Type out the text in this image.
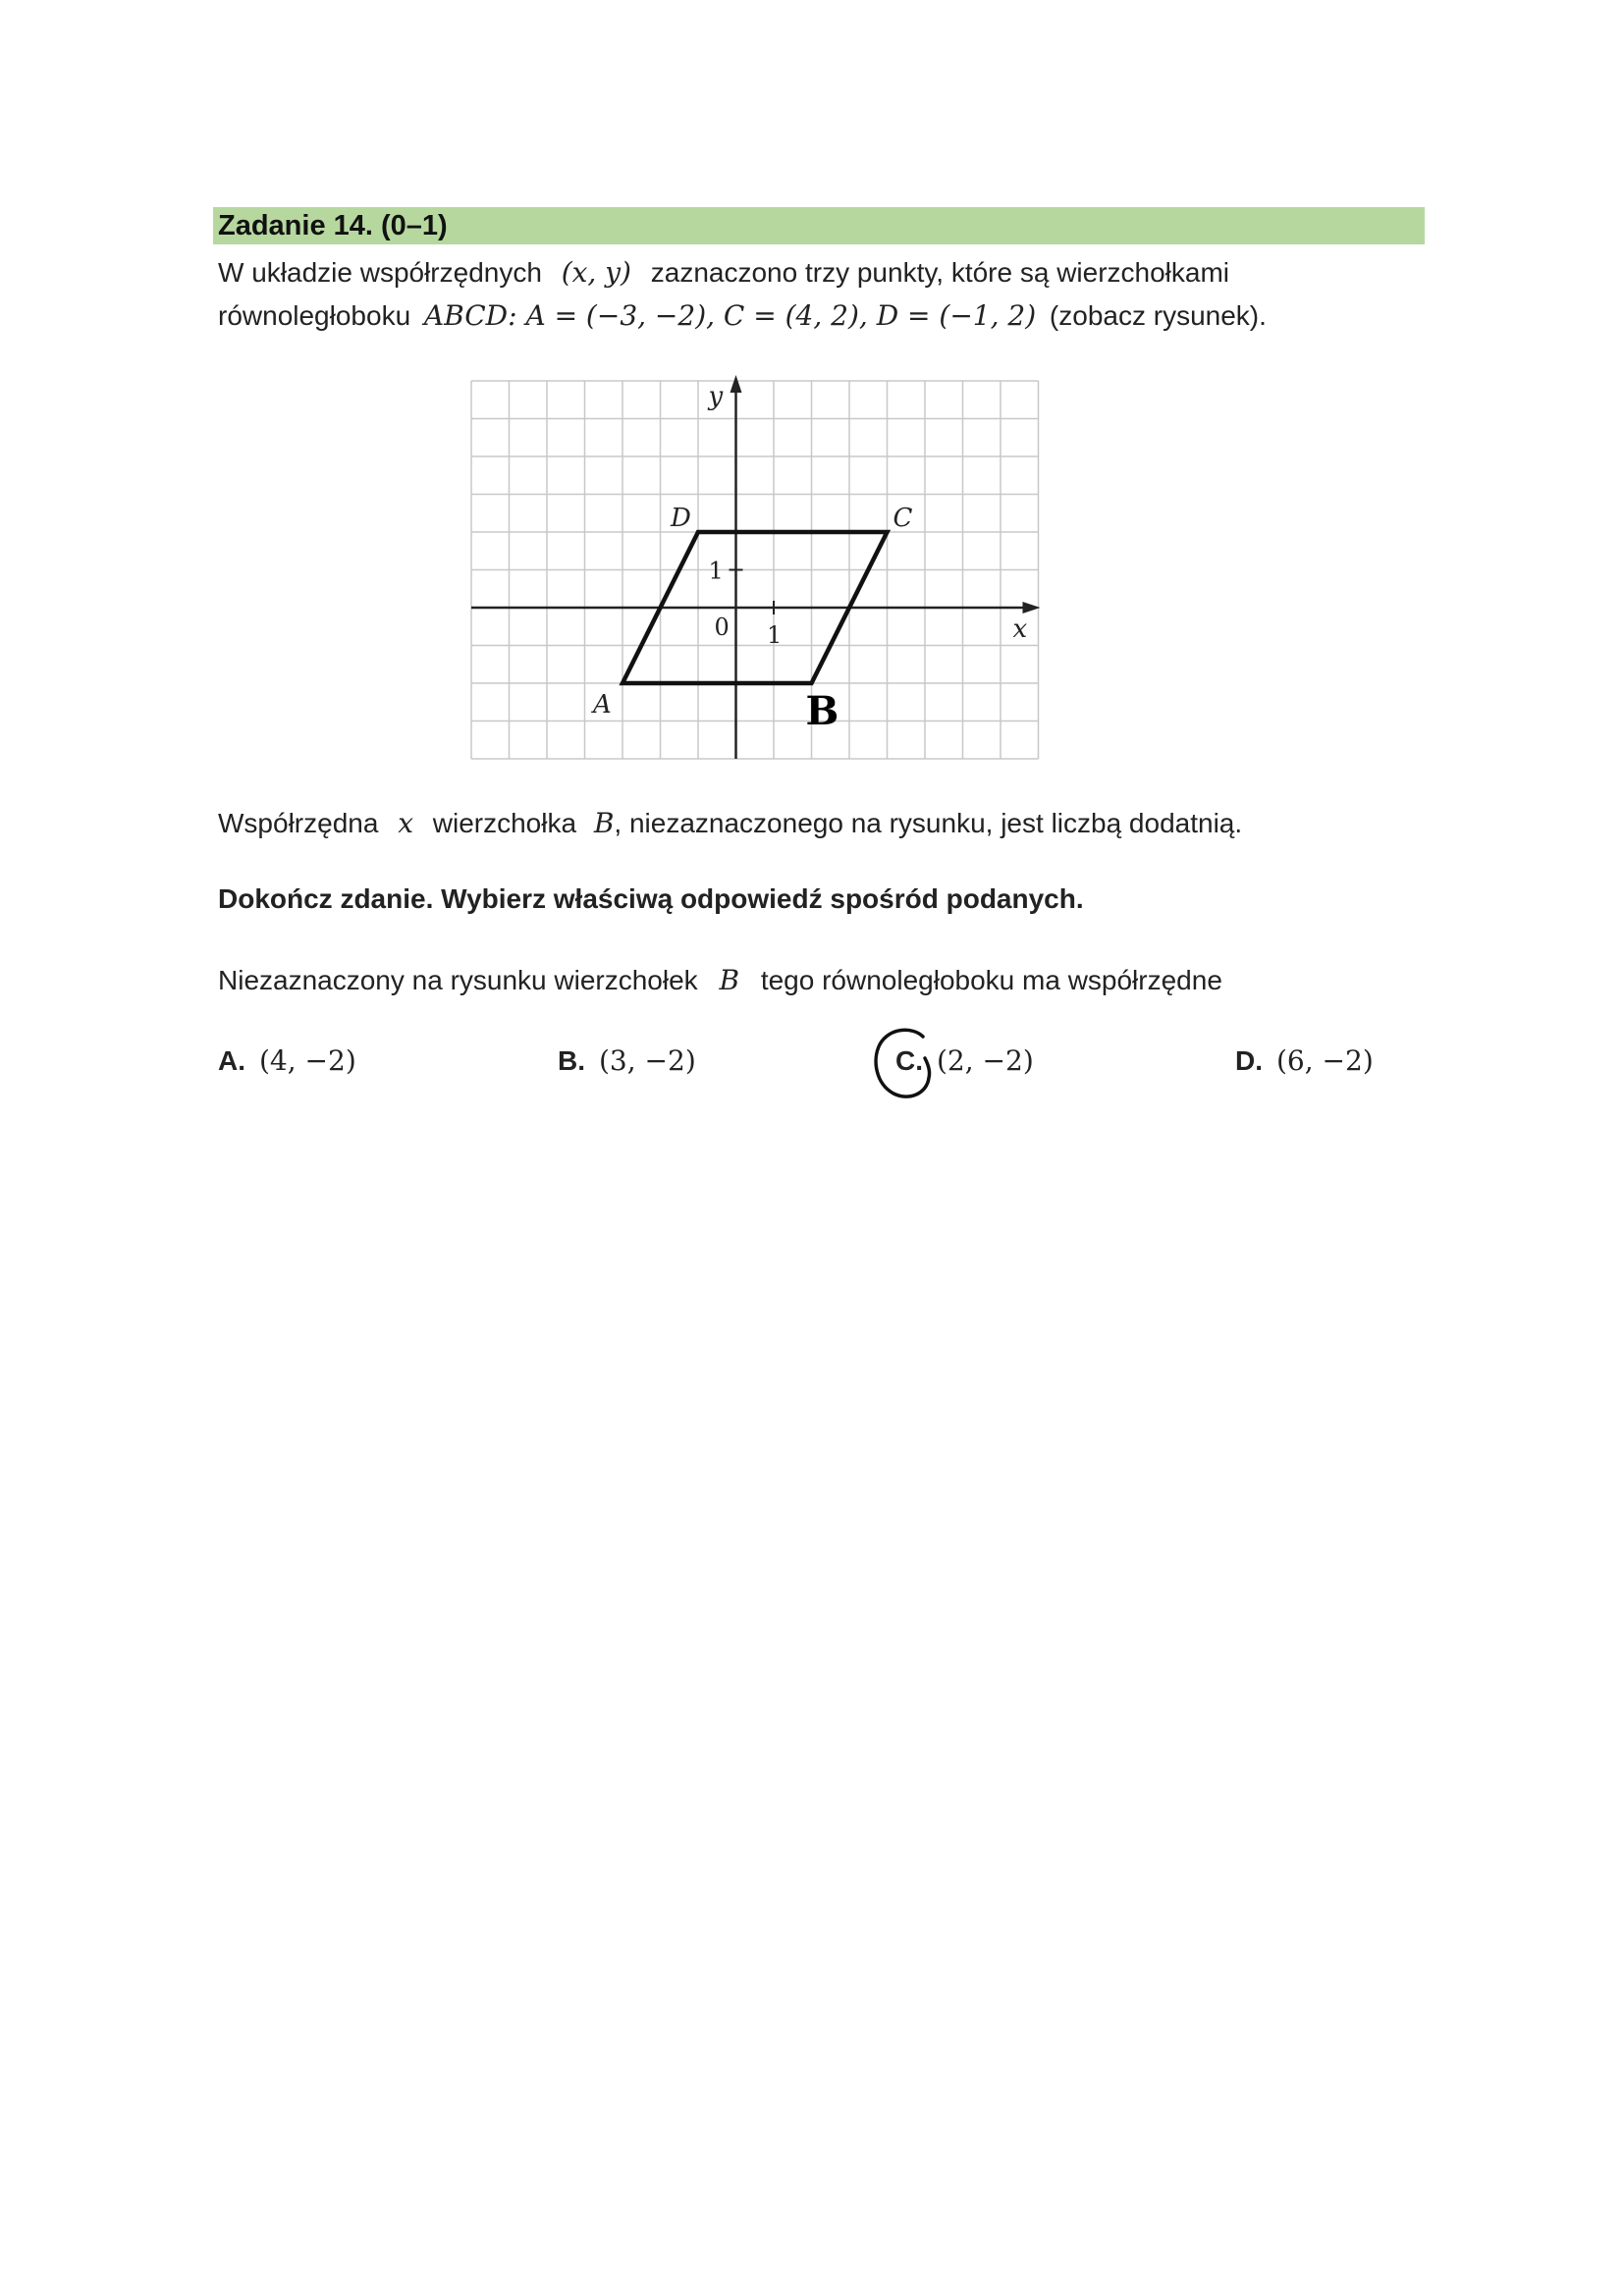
Zadanie 14. (0–1)
W układzie współrzędnych (x, y) zaznaczono trzy punkty, które są wierzchołkami
równoległoboku ABCD: A = (−3, −2), C = (4, 2), D = (−1, 2) (zobacz rysunek).
y
x
0 1
1
A
D	C
B
Współrzędna x wierzchołka B, niezaznaczonego na rysunku, jest liczbą dodatnią.
Dokończ zdanie. Wybierz właściwą odpowiedź spośród podanych.
Niezaznaczony na rysunku wierzchołek B tego równoległoboku ma współrzędne
A. (4, −2)	B. (3, −2)	C. (2, −2)	D. (6, −2)
